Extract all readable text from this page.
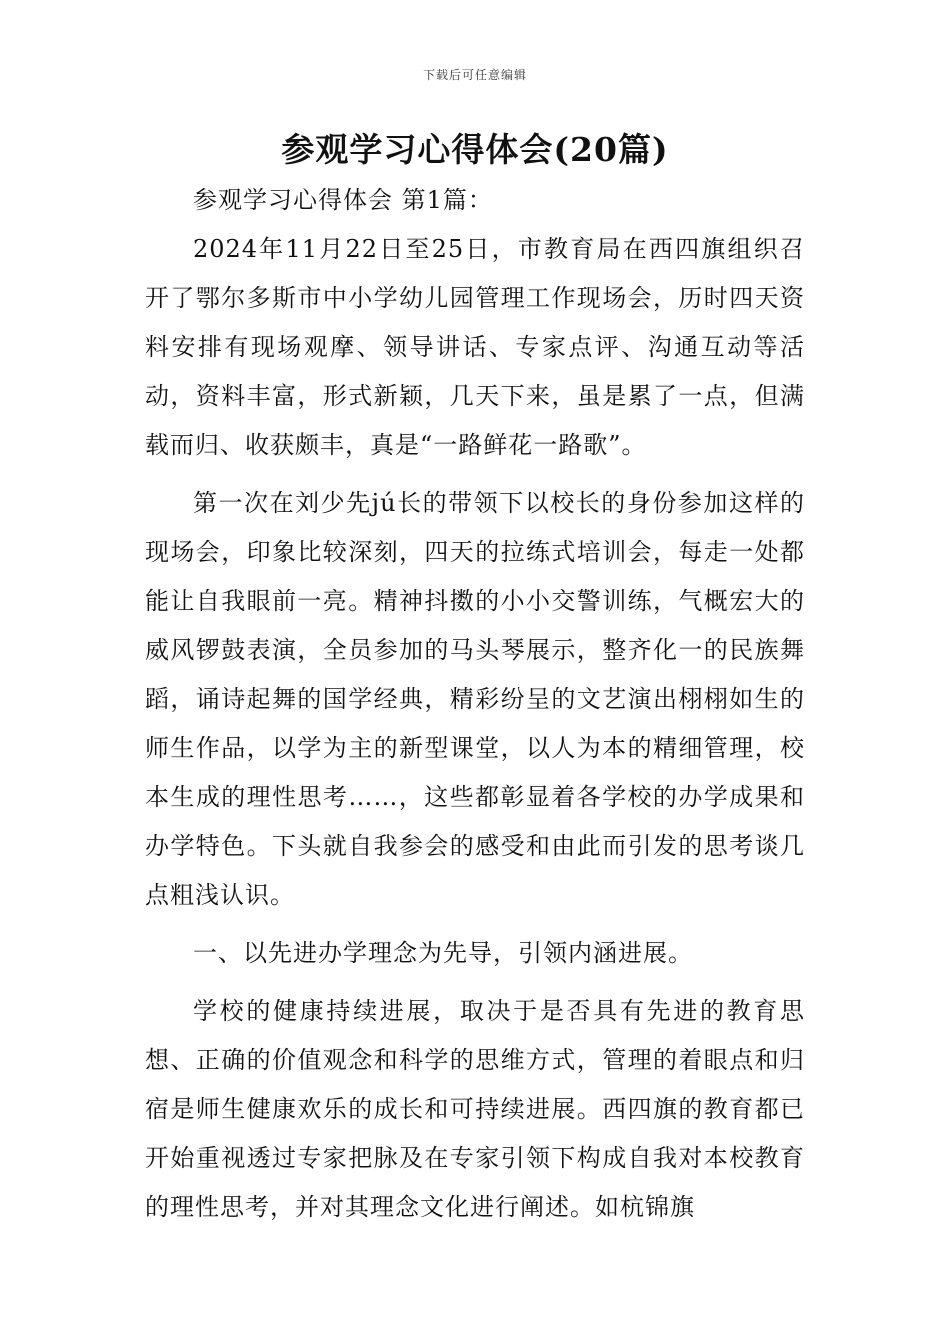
下载后可任意编辑
参观学习心得体会(20篇)

参观学习心得体会 第1篇：

2024年11月22日至25日，市教育局在西四旗组织召开了鄂尔多斯市中小学幼儿园管理工作现场会，历时四天资料安排有现场观摩、领导讲话、专家点评、沟通互动等活动，资料丰富，形式新颖，几天下来，虽是累了一点，但满载而归、收获颇丰，真是“一路鲜花一路歌”。

第一次在刘少先jú长的带领下以校长的身份参加这样的现场会，印象比较深刻，四天的拉练式培训会，每走一处都能让自我眼前一亮。精神抖擞的小小交警训练，气概宏大的威风锣鼓表演，全员参加的马头琴展示，整齐化一的民族舞蹈，诵诗起舞的国学经典，精彩纷呈的文艺演出栩栩如生的师生作品，以学为主的新型课堂，以人为本的精细管理，校本生成的理性思考……，这些都彰显着各学校的办学成果和办学特色。下头就自我参会的感受和由此而引发的思考谈几点粗浅认识。

一、以先进办学理念为先导，引领内涵进展。

学校的健康持续进展，取决于是否具有先进的教育思想、正确的价值观念和科学的思维方式，管理的着眼点和归宿是师生健康欢乐的成长和可持续进展。西四旗的教育都已开始重视透过专家把脉及在专家引领下构成自我对本校教育的理性思考，并对其理念文化进行阐述。如杭锦旗
